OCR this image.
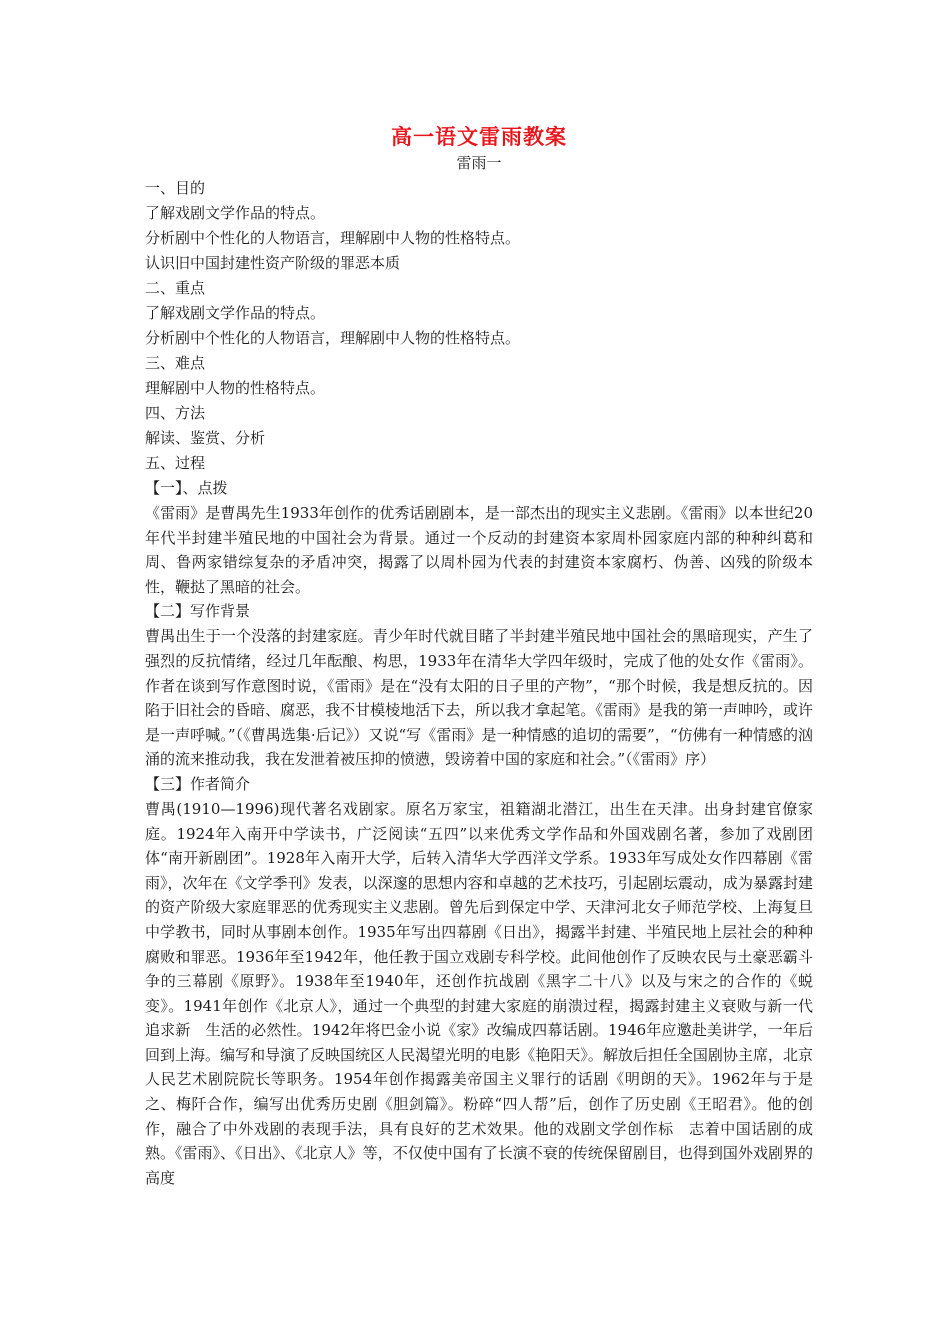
高一语文雷雨教案
雷雨一
一、目的
了解戏剧文学作品的特点。
分析剧中个性化的人物语言，理解剧中人物的性格特点。
认识旧中国封建性资产阶级的罪恶本质
二、重点
了解戏剧文学作品的特点。
分析剧中个性化的人物语言，理解剧中人物的性格特点。
三、难点
理解剧中人物的性格特点。
四、方法
解读、鉴赏、分析
五、过程
【一】、点拨

《雷雨》是曹禺先生1933年创作的优秀话剧剧本，是一部杰出的现实主义悲剧。《雷雨》以本世纪20年代半封建半殖民地的中国社会为背景。通过一个反动的封建资本家周朴园家庭内部的种种纠葛和周、鲁两家错综复杂的矛盾冲突，揭露了以周朴园为代表的封建资本家腐朽、伪善、凶残的阶级本性，鞭挞了黑暗的社会。

【二】写作背景

曹禺出生于一个没落的封建家庭。青少年时代就目睹了半封建半殖民地中国社会的黑暗现实，产生了强烈的反抗情绪，经过几年酝酿、构思，1933年在清华大学四年级时，完成了他的处女作《雷雨》。作者在谈到写作意图时说，《雷雨》是在“没有太阳的日子里的产物”，“那个时候，我是想反抗的。因陷于旧社会的昏暗、腐恶，我不甘模棱地活下去，所以我才拿起笔。《雷雨》是我的第一声呻吟，或许是一声呼喊。”（《曹禺选集·后记》）又说“写《雷雨》是一种情感的追切的需要”，“仿佛有一种情感的汹涌的流来推动我，我在发泄着被压抑的愤懑，毁谤着中国的家庭和社会。”（《雷雨》序）

【三】作者简介

曹禺(1910—1996)现代著名戏剧家。原名万家宝，祖籍湖北潜江，出生在天津。出身封建官僚家庭。1924年入南开中学读书，广泛阅读“五四”以来优秀文学作品和外国戏剧名著，参加了戏剧团体“南开新剧团”。1928年入南开大学，后转入清华大学西洋文学系。1933年写成处女作四幕剧《雷雨》，次年在《文学季刊》发表，以深邃的思想内容和卓越的艺术技巧，引起剧坛震动，成为暴露封建的资产阶级大家庭罪恶的优秀现实主义悲剧。曾先后到保定中学、天津河北女子师范学校、上海复旦中学教书，同时从事剧本创作。1935年写出四幕剧《日出》，揭露半封建、半殖民地上层社会的种种腐败和罪恶。1936年至1942年，他任教于国立戏剧专科学校。此间他创作了反映农民与土豪恶霸斗争的三幕剧《原野》。1938年至1940年，还创作抗战剧《黑字二十八》以及与宋之的合作的《蜕变》。1941年创作《北京人》，通过一个典型的封建大家庭的崩溃过程，揭露封建主义衰败与新一代追求新　生活的必然性。1942年将巴金小说《家》改编成四幕话剧。1946年应邀赴美讲学，一年后回到上海。编写和导演了反映国统区人民渴望光明的电影《艳阳天》。解放后担任全国剧协主席，北京人民艺术剧院院长等职务。1954年创作揭露美帝国主义罪行的话剧《明朗的天》。1962年与于是之、梅阡合作，编写出优秀历史剧《胆剑篇》。粉碎“四人帮”后，创作了历史剧《王昭君》。他的创作，融合了中外戏剧的表现手法，具有良好的艺术效果。他的戏剧文学创作标　志着中国话剧的成熟。《雷雨》、《日出》、《北京人》等，不仅使中国有了长演不衰的传统保留剧目，也得到国外戏剧界的高度
